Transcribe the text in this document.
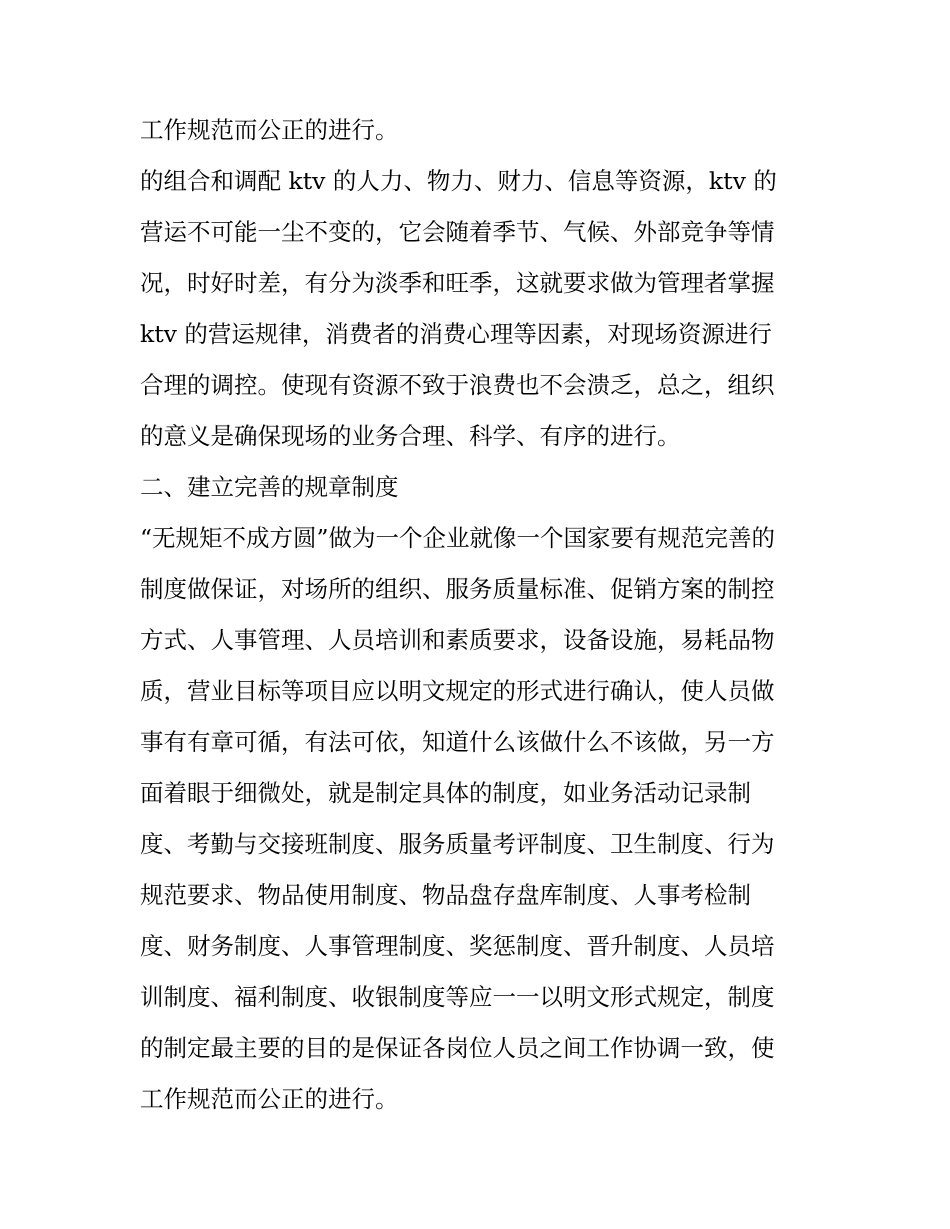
工作规范而公正的进行。
的组合和调配 ktv 的人力、物力、财力、信息等资源，ktv 的
营运不可能一尘不变的，它会随着季节、气候、外部竞争等情
况，时好时差，有分为淡季和旺季，这就要求做为管理者掌握
ktv 的营运规律，消费者的消费心理等因素，对现场资源进行
合理的调控。使现有资源不致于浪费也不会溃乏，总之，组织
的意义是确保现场的业务合理、科学、有序的进行。
二、建立完善的规章制度
“无规矩不成方圆”做为一个企业就像一个国家要有规范完善的
制度做保证，对场所的组织、服务质量标准、促销方案的制控
方式、人事管理、人员培训和素质要求，设备设施，易耗品物
质，营业目标等项目应以明文规定的形式进行确认，使人员做
事有有章可循，有法可依，知道什么该做什么不该做，另一方
面着眼于细微处，就是制定具体的制度，如业务活动记录制
度、考勤与交接班制度、服务质量考评制度、卫生制度、行为
规范要求、物品使用制度、物品盘存盘库制度、人事考检制
度、财务制度、人事管理制度、奖惩制度、晋升制度、人员培
训制度、福利制度、收银制度等应一一以明文形式规定，制度
的制定最主要的目的是保证各岗位人员之间工作协调一致，使
工作规范而公正的进行。
